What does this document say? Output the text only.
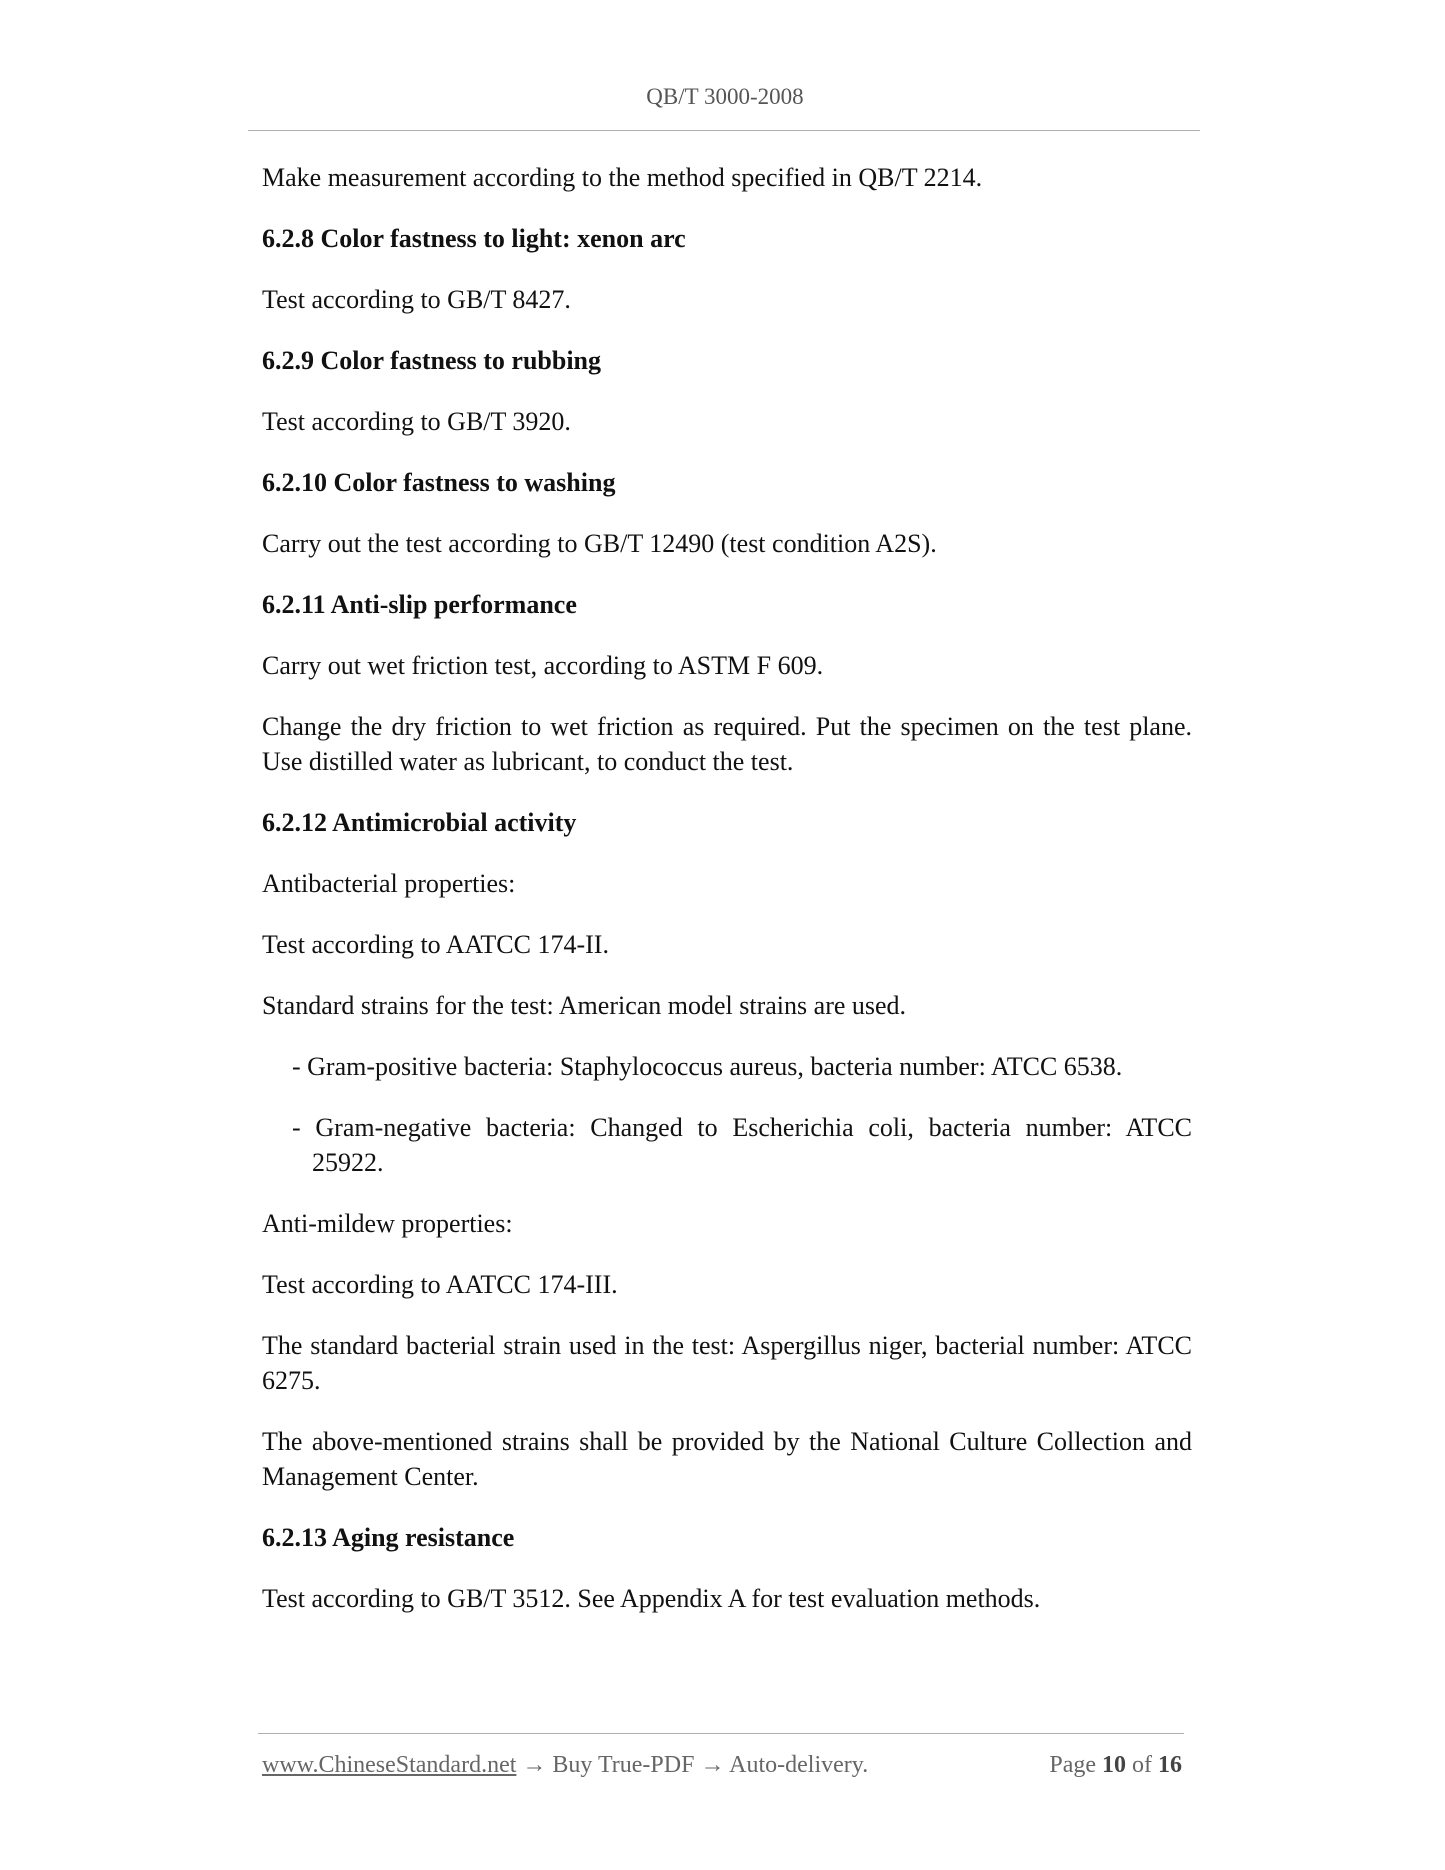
QB/T 3000-2008
Make measurement according to the method specified in QB/T 2214.
6.2.8 Color fastness to light: xenon arc
Test according to GB/T 8427.
6.2.9 Color fastness to rubbing
Test according to GB/T 3920.
6.2.10 Color fastness to washing
Carry out the test according to GB/T 12490 (test condition A2S).
6.2.11 Anti-slip performance
Carry out wet friction test, according to ASTM F 609.
Change the dry friction to wet friction as required. Put the specimen on the test plane. Use distilled water as lubricant, to conduct the test.
6.2.12 Antimicrobial activity
Antibacterial properties:
Test according to AATCC 174-II.
Standard strains for the test: American model strains are used.
- Gram-positive bacteria: Staphylococcus aureus, bacteria number: ATCC 6538.
- Gram-negative bacteria: Changed to Escherichia coli, bacteria number: ATCC 25922.
Anti-mildew properties:
Test according to AATCC 174-III.
The standard bacterial strain used in the test: Aspergillus niger, bacterial number: ATCC 6275.
The above-mentioned strains shall be provided by the National Culture Collection and Management Center.
6.2.13 Aging resistance
Test according to GB/T 3512. See Appendix A for test evaluation methods.
www.ChineseStandard.net → Buy True-PDF → Auto-delivery.	Page 10 of 16
